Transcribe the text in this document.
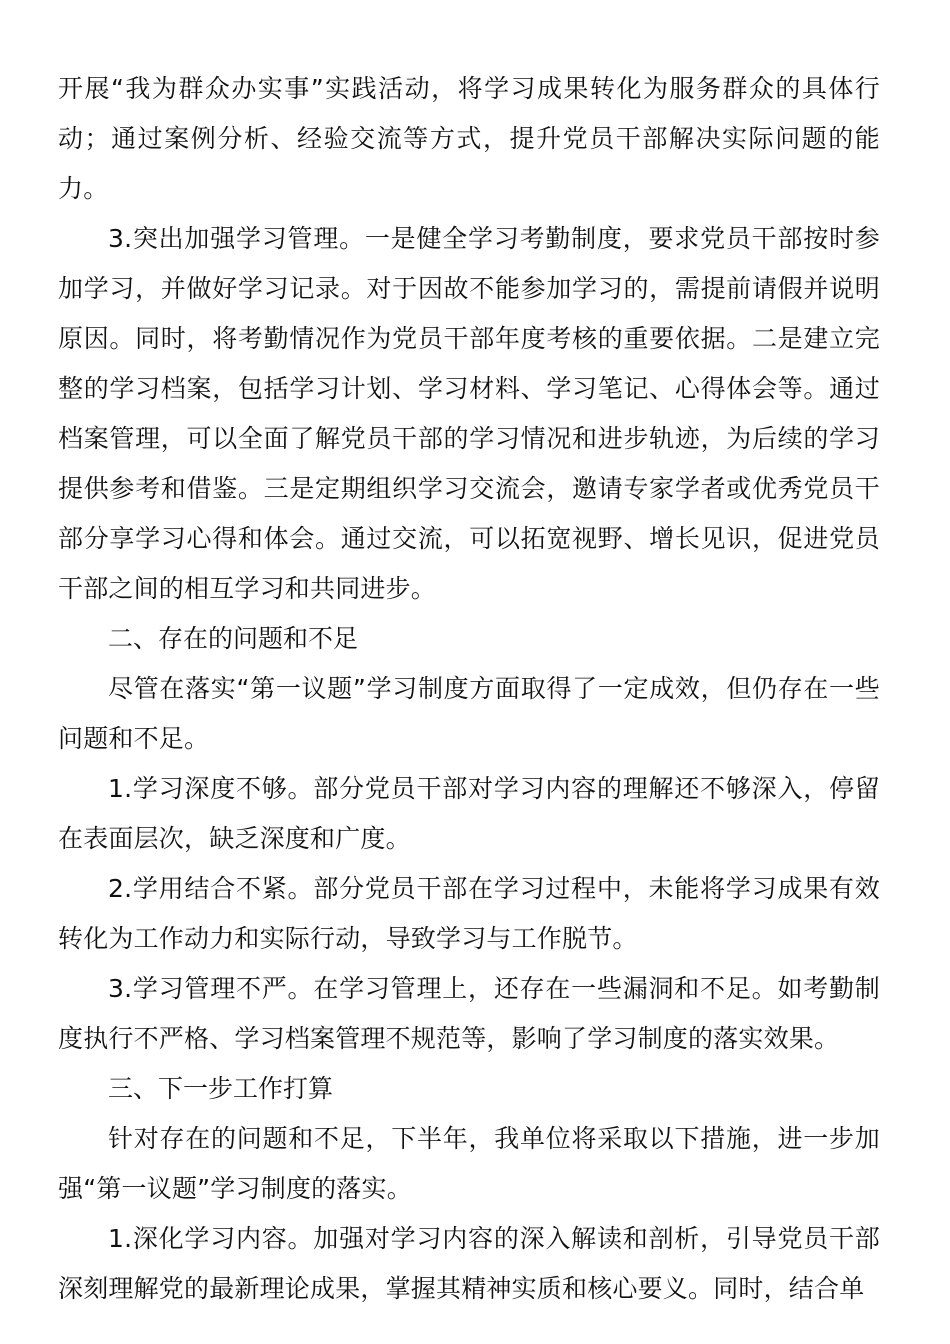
开展“我为群众办实事”实践活动，将学习成果转化为服务群众的具体行动；通过案例分析、经验交流等方式，提升党员干部解决实际问题的能力。

3.突出加强学习管理。一是健全学习考勤制度，要求党员干部按时参加学习，并做好学习记录。对于因故不能参加学习的，需提前请假并说明原因。同时，将考勤情况作为党员干部年度考核的重要依据。二是建立完整的学习档案，包括学习计划、学习材料、学习笔记、心得体会等。通过档案管理，可以全面了解党员干部的学习情况和进步轨迹，为后续的学习提供参考和借鉴。三是定期组织学习交流会，邀请专家学者或优秀党员干部分享学习心得和体会。通过交流，可以拓宽视野、增长见识，促进党员干部之间的相互学习和共同进步。

二、存在的问题和不足

尽管在落实“第一议题”学习制度方面取得了一定成效，但仍存在一些问题和不足。

1.学习深度不够。部分党员干部对学习内容的理解还不够深入，停留在表面层次，缺乏深度和广度。

2.学用结合不紧。部分党员干部在学习过程中，未能将学习成果有效转化为工作动力和实际行动，导致学习与工作脱节。

3.学习管理不严。在学习管理上，还存在一些漏洞和不足。如考勤制度执行不严格、学习档案管理不规范等，影响了学习制度的落实效果。

三、下一步工作打算

针对存在的问题和不足，下半年，我单位将采取以下措施，进一步加强“第一议题”学习制度的落实。

1.深化学习内容。加强对学习内容的深入解读和剖析，引导党员干部深刻理解党的最新理论成果，掌握其精神实质和核心要义。同时，结合单
